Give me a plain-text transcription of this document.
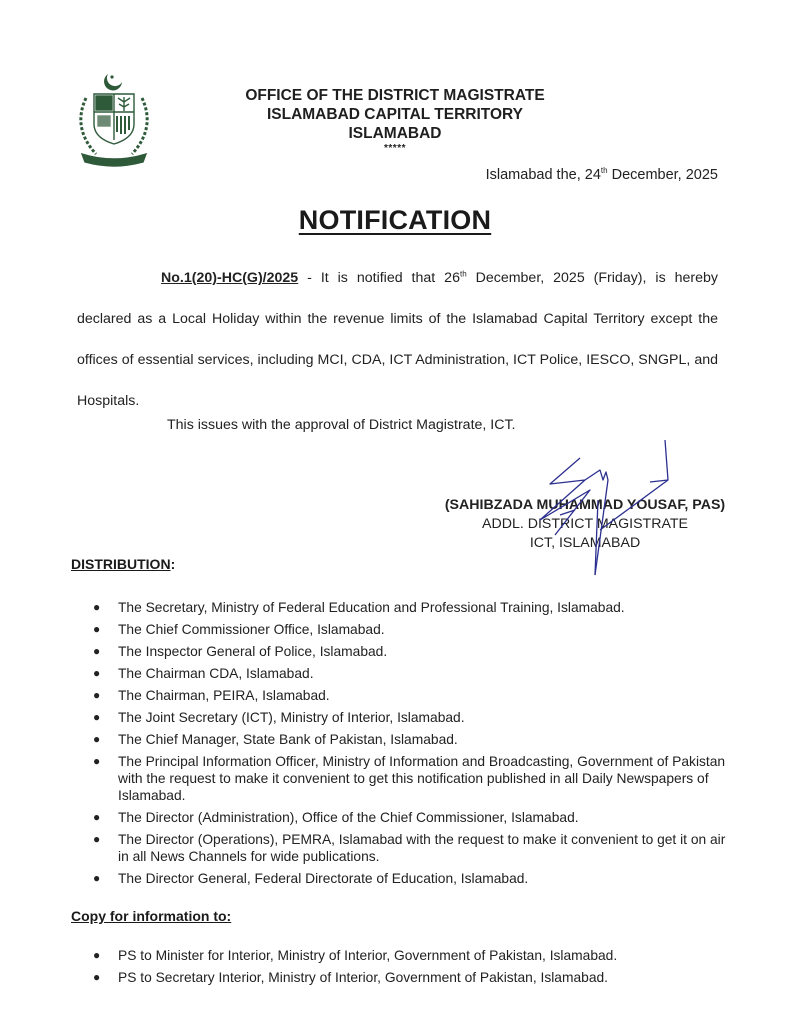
OFFICE OF THE DISTRICT MAGISTRATE
ISLAMABAD CAPITAL TERRITORY
ISLAMABAD
*****
Islamabad the, 24th December, 2025
NOTIFICATION
No.1(20)-HC(G)/2025 - It is notified that 26th December, 2025 (Friday), is hereby declared as a Local Holiday within the revenue limits of the Islamabad Capital Territory except the offices of essential services, including MCI, CDA, ICT Administration, ICT Police, IESCO, SNGPL, and Hospitals.
This issues with the approval of District Magistrate, ICT.
(SAHIBZADA MUHAMMAD YOUSAF, PAS)
ADDL. DISTRICT MAGISTRATE
ICT, ISLAMABAD
DISTRIBUTION:
● The Secretary, Ministry of Federal Education and Professional Training, Islamabad.
● The Chief Commissioner Office, Islamabad.
● The Inspector General of Police, Islamabad.
● The Chairman CDA, Islamabad.
● The Chairman, PEIRA, Islamabad.
● The Joint Secretary (ICT), Ministry of Interior, Islamabad.
● The Chief Manager, State Bank of Pakistan, Islamabad.
● The Principal Information Officer, Ministry of Information and Broadcasting, Government of Pakistan with the request to make it convenient to get this notification published in all Daily Newspapers of Islamabad.
● The Director (Administration), Office of the Chief Commissioner, Islamabad.
● The Director (Operations), PEMRA, Islamabad with the request to make it convenient to get it on air in all News Channels for wide publications.
● The Director General, Federal Directorate of Education, Islamabad.
Copy for information to:
● PS to Minister for Interior, Ministry of Interior, Government of Pakistan, Islamabad.
● PS to Secretary Interior, Ministry of Interior, Government of Pakistan, Islamabad.
